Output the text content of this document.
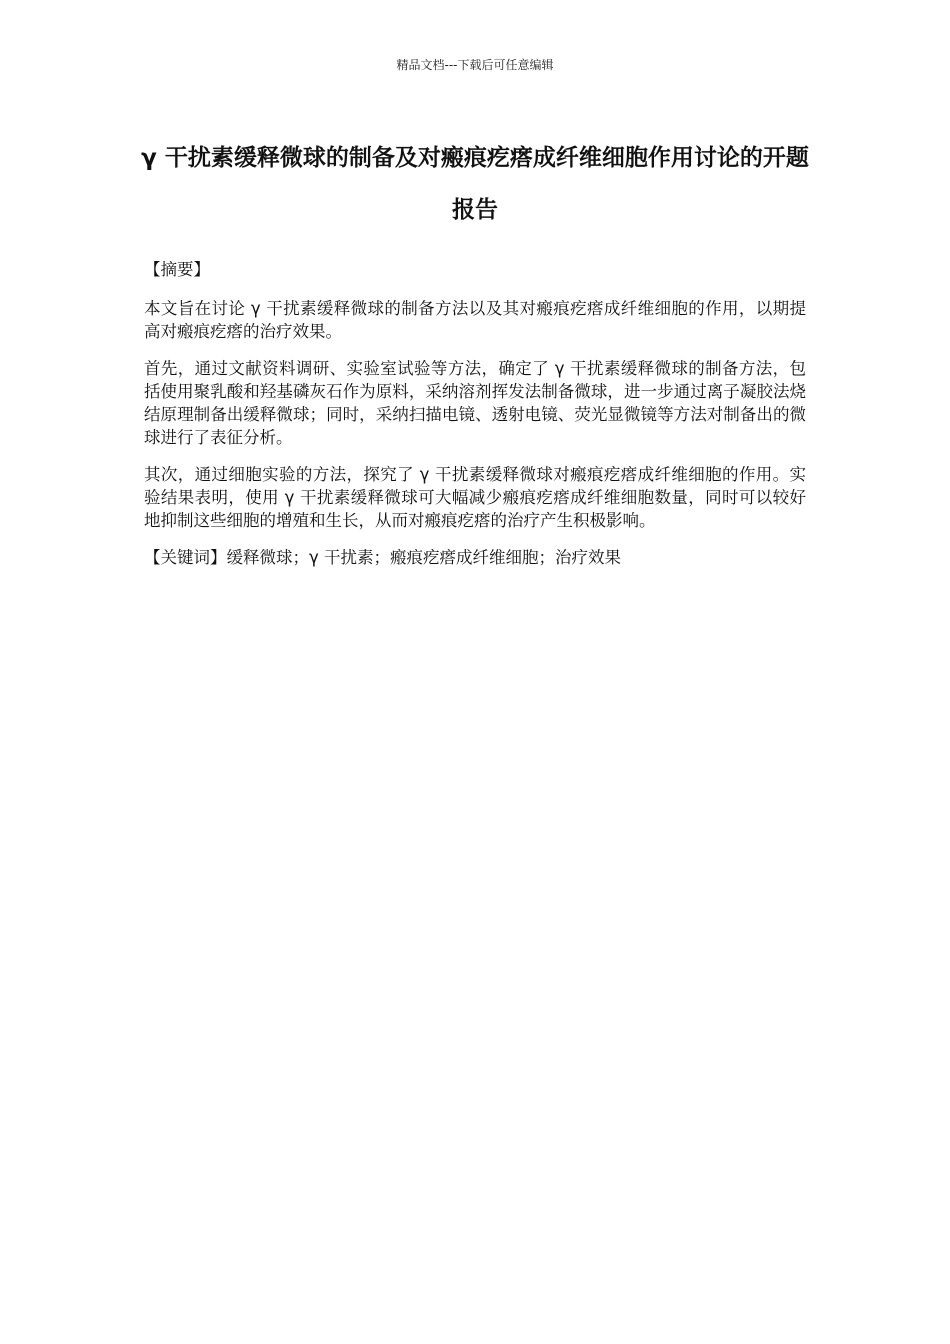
精品文档---下载后可任意编辑
γ 干扰素缓释微球的制备及对瘢痕疙瘩成纤维细胞作用讨论的开题报告

【摘要】

本文旨在讨论 γ 干扰素缓释微球的制备方法以及其对瘢痕疙瘩成纤维细胞的作用，以期提高对瘢痕疙瘩的治疗效果。

首先，通过文献资料调研、实验室试验等方法，确定了 γ 干扰素缓释微球的制备方法，包括使用聚乳酸和羟基磷灰石作为原料，采纳溶剂挥发法制备微球，进一步通过离子凝胶法烧结原理制备出缓释微球；同时，采纳扫描电镜、透射电镜、荧光显微镜等方法对制备出的微球进行了表征分析。

其次，通过细胞实验的方法，探究了 γ 干扰素缓释微球对瘢痕疙瘩成纤维细胞的作用。实验结果表明，使用 γ 干扰素缓释微球可大幅减少瘢痕疙瘩成纤维细胞数量，同时可以较好地抑制这些细胞的增殖和生长，从而对瘢痕疙瘩的治疗产生积极影响。

【关键词】缓释微球；γ 干扰素；瘢痕疙瘩成纤维细胞；治疗效果
